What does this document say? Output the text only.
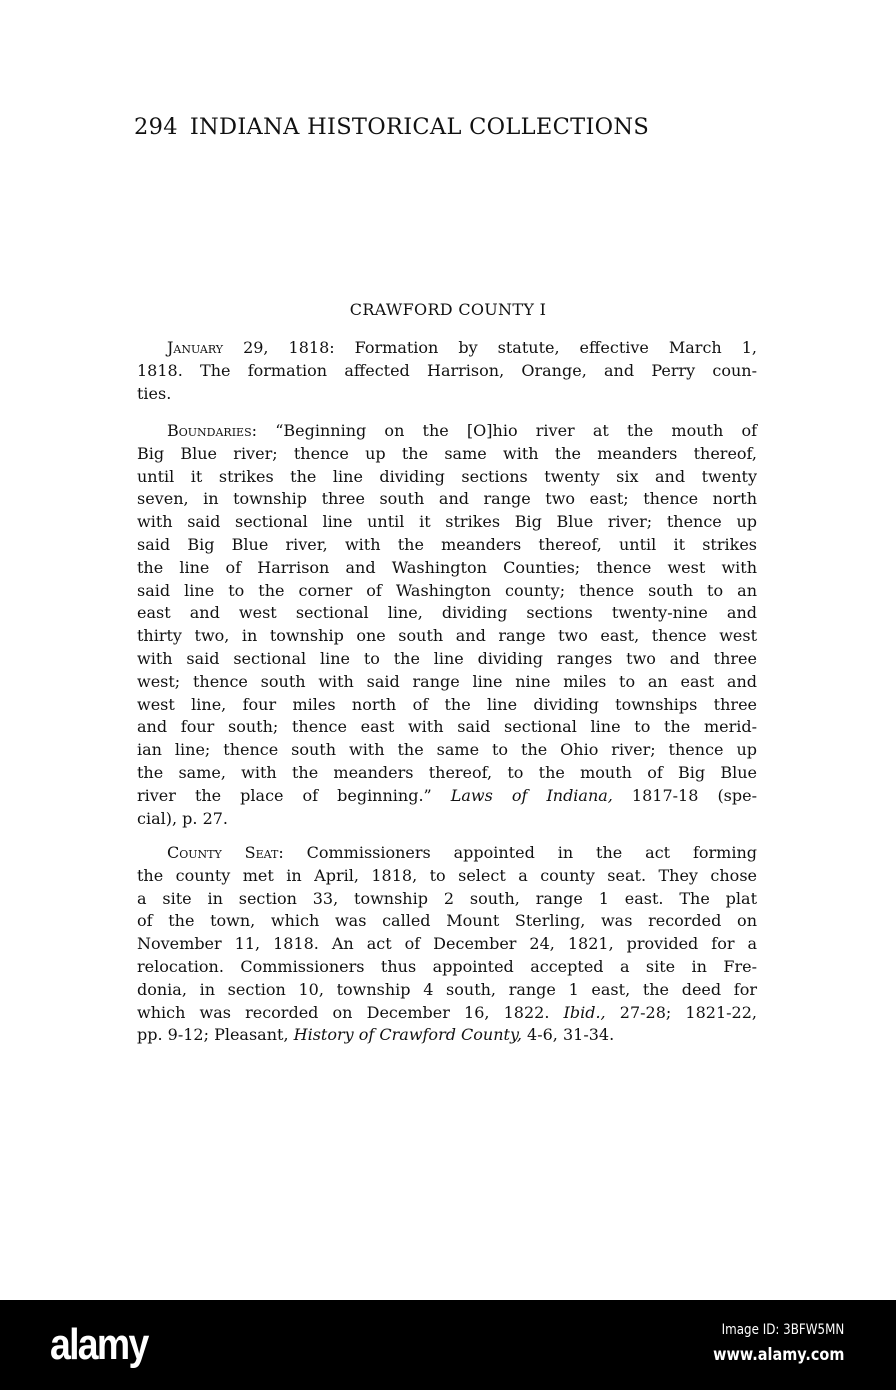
294 INDIANA HISTORICAL COLLECTIONS
CRAWFORD COUNTY I
January 29, 1818: Formation by statute, effective March 1,
1818. The formation affected Harrison, Orange, and Perry coun-
ties.
Boundaries: “Beginning on the [O]hio river at the mouth of
Big Blue river; thence up the same with the meanders thereof,
until it strikes the line dividing sections twenty six and twenty
seven, in township three south and range two east; thence north
with said sectional line until it strikes Big Blue river; thence up
said Big Blue river, with the meanders thereof, until it strikes
the line of Harrison and Washington Counties; thence west with
said line to the corner of Washington county; thence south to an
east and west sectional line, dividing sections twenty-nine and
thirty two, in township one south and range two east, thence west
with said sectional line to the line dividing ranges two and three
west; thence south with said range line nine miles to an east and
west line, four miles north of the line dividing townships three
and four south; thence east with said sectional line to the merid-
ian line; thence south with the same to the Ohio river; thence up
the same, with the meanders thereof, to the mouth of Big Blue
river the place of beginning.” Laws of Indiana, 1817-18 (spe-
cial), p. 27.
County Seat: Commissioners appointed in the act forming
the county met in April, 1818, to select a county seat. They chose
a site in section 33, township 2 south, range 1 east. The plat
of the town, which was called Mount Sterling, was recorded on
November 11, 1818. An act of December 24, 1821, provided for a
relocation. Commissioners thus appointed accepted a site in Fre-
donia, in section 10, township 4 south, range 1 east, the deed for
which was recorded on December 16, 1822. Ibid., 27-28; 1821-22,
pp. 9-12; Pleasant, History of Crawford County, 4-6, 31-34.
alamy	Image ID: 3BFW5MN
www.alamy.com
